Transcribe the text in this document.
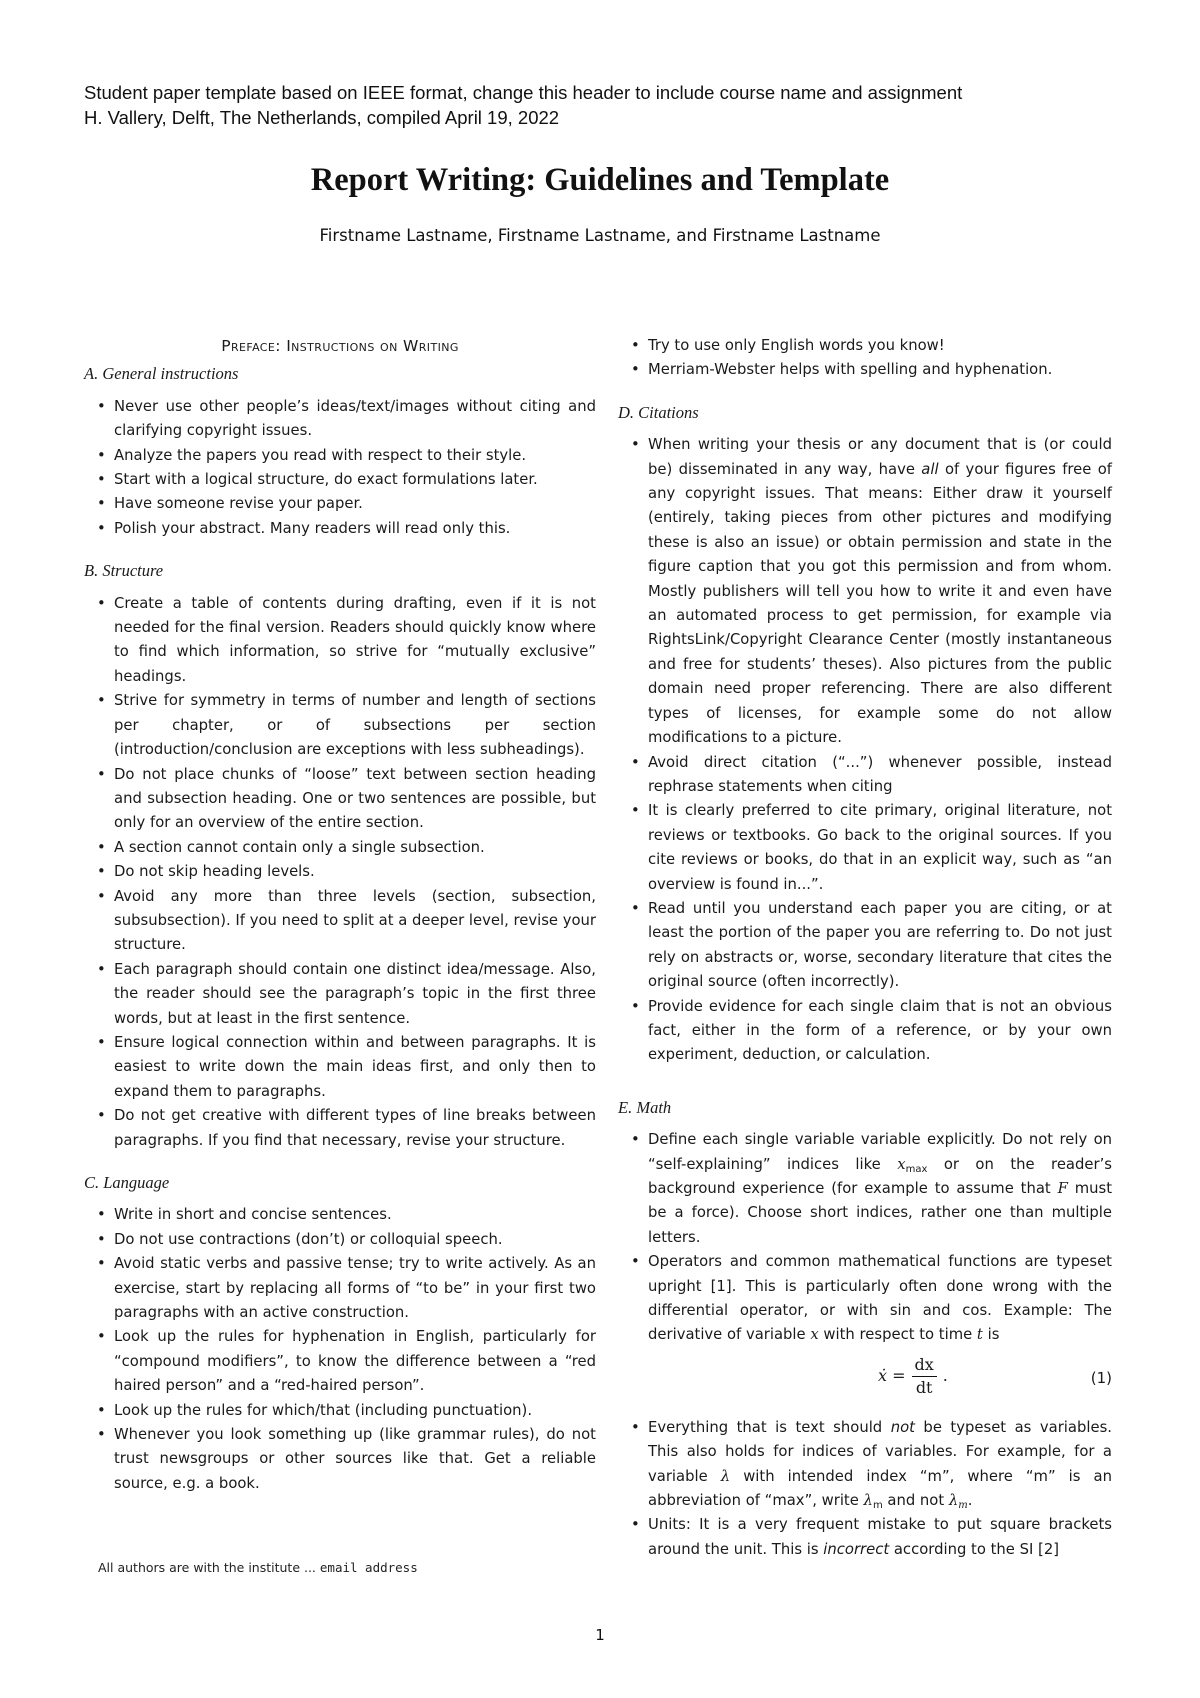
Student paper template based on IEEE format, change this header to include course name and assignment
H. Vallery, Delft, The Netherlands, compiled April 19, 2022
Report Writing: Guidelines and Template
Firstname Lastname, Firstname Lastname, and Firstname Lastname
Preface: Instructions on Writing
A. General instructions
• Never use other people’s ideas/text/images without citing and clarifying copyright issues.
• Analyze the papers you read with respect to their style.
• Start with a logical structure, do exact formulations later.
• Have someone revise your paper.
• Polish your abstract. Many readers will read only this.
B. Structure
• Create a table of contents during drafting, even if it is not needed for the final version. Readers should quickly know where to find which information, so strive for “mutually exclusive” headings.
• Strive for symmetry in terms of number and length of sections per chapter, or of subsections per section (introduction/conclusion are exceptions with less subheadings).
• Do not place chunks of “loose” text between section heading and subsection heading. One or two sentences are possible, but only for an overview of the entire section.
• A section cannot contain only a single subsection.
• Do not skip heading levels.
• Avoid any more than three levels (section, subsection, subsubsection). If you need to split at a deeper level, revise your structure.
• Each paragraph should contain one distinct idea/message. Also, the reader should see the paragraph’s topic in the first three words, but at least in the first sentence.
• Ensure logical connection within and between paragraphs. It is easiest to write down the main ideas first, and only then to expand them to paragraphs.
• Do not get creative with different types of line breaks between paragraphs. If you find that necessary, revise your structure.
C. Language
• Write in short and concise sentences.
• Do not use contractions (don’t) or colloquial speech.
• Avoid static verbs and passive tense; try to write actively. As an exercise, start by replacing all forms of “to be” in your first two paragraphs with an active construction.
• Look up the rules for hyphenation in English, particularly for “compound modifiers”, to know the difference between a “red haired person” and a “red-haired person”.
• Look up the rules for which/that (including punctuation).
• Whenever you look something up (like grammar rules), do not trust newsgroups or other sources like that. Get a reliable source, e.g. a book.
• Try to use only English words you know!
• Merriam-Webster helps with spelling and hyphenation.
D. Citations
• When writing your thesis or any document that is (or could be) disseminated in any way, have all of your figures free of any copyright issues. That means: Either draw it yourself (entirely, taking pieces from other pictures and modifying these is also an issue) or obtain permission and state in the figure caption that you got this permission and from whom. Mostly publishers will tell you how to write it and even have an automated process to get permission, for example via RightsLink/Copyright Clearance Center (mostly instantaneous and free for students’ theses). Also pictures from the public domain need proper referencing. There are also different types of licenses, for example some do not allow modifications to a picture.
• Avoid direct citation (“...”) whenever possible, instead rephrase statements when citing
• It is clearly preferred to cite primary, original literature, not reviews or textbooks. Go back to the original sources. If you cite reviews or books, do that in an explicit way, such as “an overview is found in...”.
• Read until you understand each paper you are citing, or at least the portion of the paper you are referring to. Do not just rely on abstracts or, worse, secondary literature that cites the original source (often incorrectly).
• Provide evidence for each single claim that is not an obvious fact, either in the form of a reference, or by your own experiment, deduction, or calculation.
E. Math
• Define each single variable variable explicitly. Do not rely on “self-explaining” indices like $x_{max}$ or on the reader’s background experience (for example to assume that F must be a force). Choose short indices, rather one than multiple letters.
• Operators and common mathematical functions are typeset upright [1]. This is particularly often done wrong with the differential operator, or with sin and cos. Example: The derivative of variable x with respect to time t is
ẋ = $\frac{dx}{dt}$ .	(1)
• Everything that is text should not be typeset as variables. This also holds for indices of variables. For example, for a variable λ with intended index “m”, where “m” is an abbreviation of “max”, write $\lambda_m$ and not $\lambda_m$.
• Units: It is a very frequent mistake to put square brackets around the unit. This is incorrect according to the SI [2]
All authors are with the institute ... email address
1
